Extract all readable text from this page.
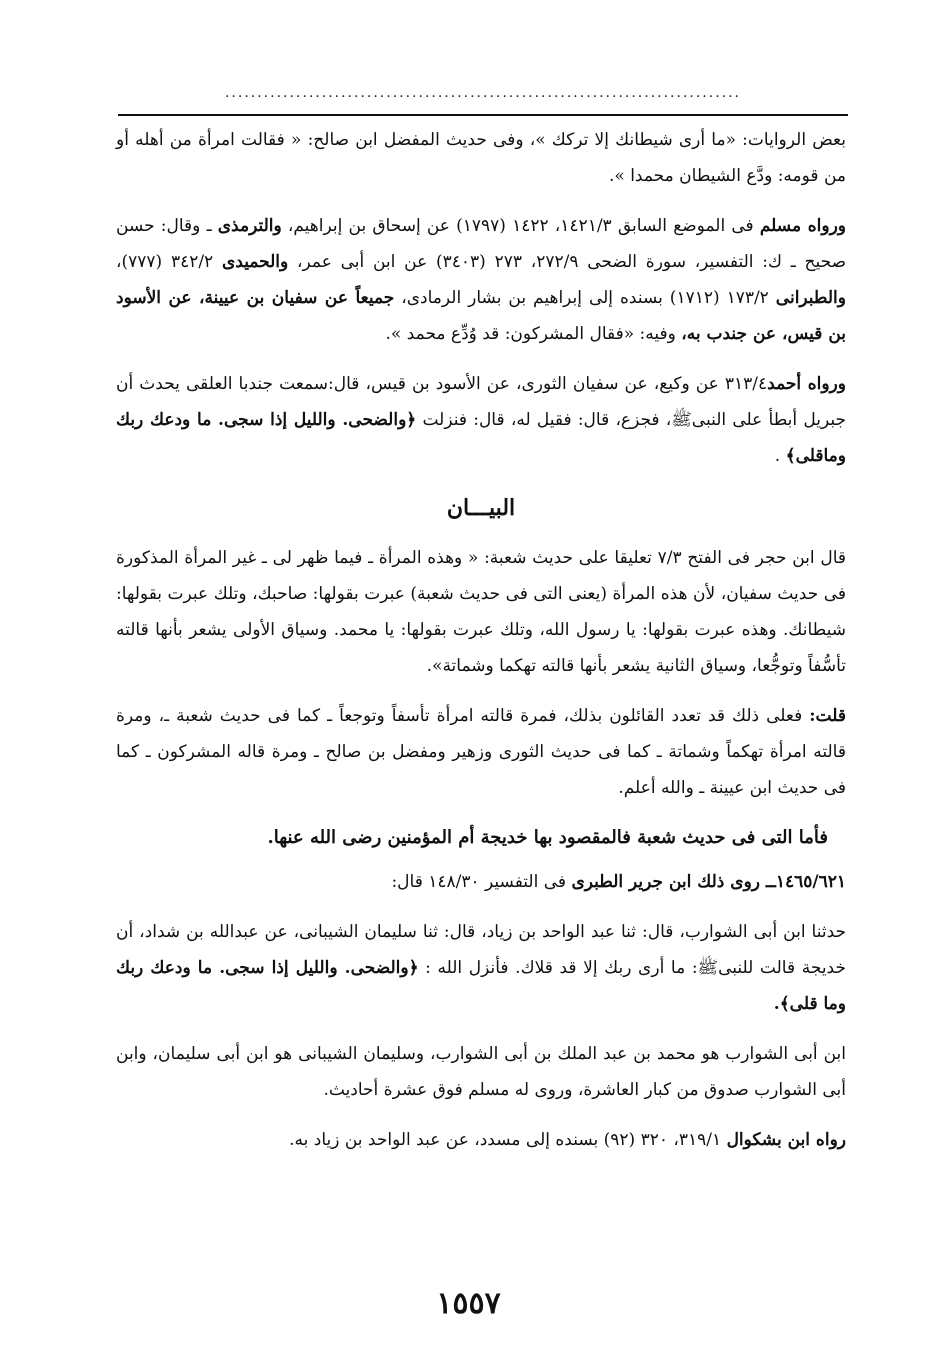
................................................................................

بعض الروايات: «ما أرى شيطانك إلا تركك »، وفى حديث المفضل ابن صالح: « فقالت امرأة من أهله أو من قومه: ودَّع الشيطان محمدا ».

ورواه مسلم فى الموضع السابق ١٤٢١/٣، ١٤٢٢ (١٧٩٧) عن إسحاق بن إبراهيم، والترمذى ـ وقال: حسن صحيح ـ ك: التفسير، سورة الضحى ٢٧٢/٩، ٢٧٣ (٣٤٠٣) عن ابن أبى عمر، والحميدى ٣٤٢/٢ (٧٧٧)، والطبرانى ١٧٣/٢ (١٧١٢) بسنده إلى إبراهيم بن بشار الرمادى، جميعاً عن سفيان بن عيينة، عن الأسود بن قيس، عن جندب به، وفيه: «فقال المشركون: قد وُدِّع محمد ».

ورواه أحمد٣١٣/٤ عن وكيع، عن سفيان الثورى، عن الأسود بن قيس، قال:سمعت جندبا العلقى يحدث أن جبريل أبطأ على النبىﷺ، فجزع، قال: فقيل له، قال: فنزلت ﴿والضحى. والليل إذا سجى. ما ودعك ربك وماقلى﴾ .

البيـــان

قال ابن حجر فى الفتح ٧/٣ تعليقا على حديث شعبة: « وهذه المرأة ـ فيما ظهر لى ـ غير المرأة المذكورة فى حديث سفيان، لأن هذه المرأة (يعنى التى فى حديث شعبة) عبرت بقولها: صاحبك، وتلك عبرت بقولها: شيطانك. وهذه عبرت بقولها: يا رسول الله، وتلك عبرت بقولها: يا محمد. وسياق الأولى يشعر بأنها قالته تأسُّفاً وتوجُّعا، وسياق الثانية يشعر بأنها قالته تهكما وشماتة».

قلت: فعلى ذلك قد تعدد القائلون بذلك، فمرة قالته امرأة تأسفاً وتوجعاً ـ كما فى حديث شعبة ـ، ومرة قالته امرأة تهكماً وشماتة ـ كما فى حديث الثورى وزهير ومفضل بن صالح ـ ومرة قاله المشركون ـ كما فى حديث ابن عيينة ـ والله أعلم.

فأما التى فى حديث شعبة فالمقصود بها خديجة أم المؤمنين رضى الله عنها.

١٤٦٥/٦٢١ــ روى ذلك ابن جرير الطبرى فى التفسير ١٤٨/٣٠ قال:

حدثنا ابن أبى الشوارب، قال: ثنا عبد الواحد بن زياد، قال: ثنا سليمان الشيبانى، عن عبدالله بن شداد، أن خديجة قالت للنبىﷺ: ما أرى ربك إلا قد قلاك. فأنزل الله : ﴿والضحى. والليل إذا سجى. ما ودعك ربك وما قلى﴾.

ابن أبى الشوارب هو محمد بن عبد الملك بن أبى الشوارب، وسليمان الشيبانى هو ابن أبى سليمان، وابن أبى الشوارب صدوق من كبار العاشرة، وروى له مسلم فوق عشرة أحاديث.

رواه ابن بشكوال ٣١٩/١، ٣٢٠ (٩٢) بسنده إلى مسدد، عن عبد الواحد بن زياد به.

١٥٥٧
